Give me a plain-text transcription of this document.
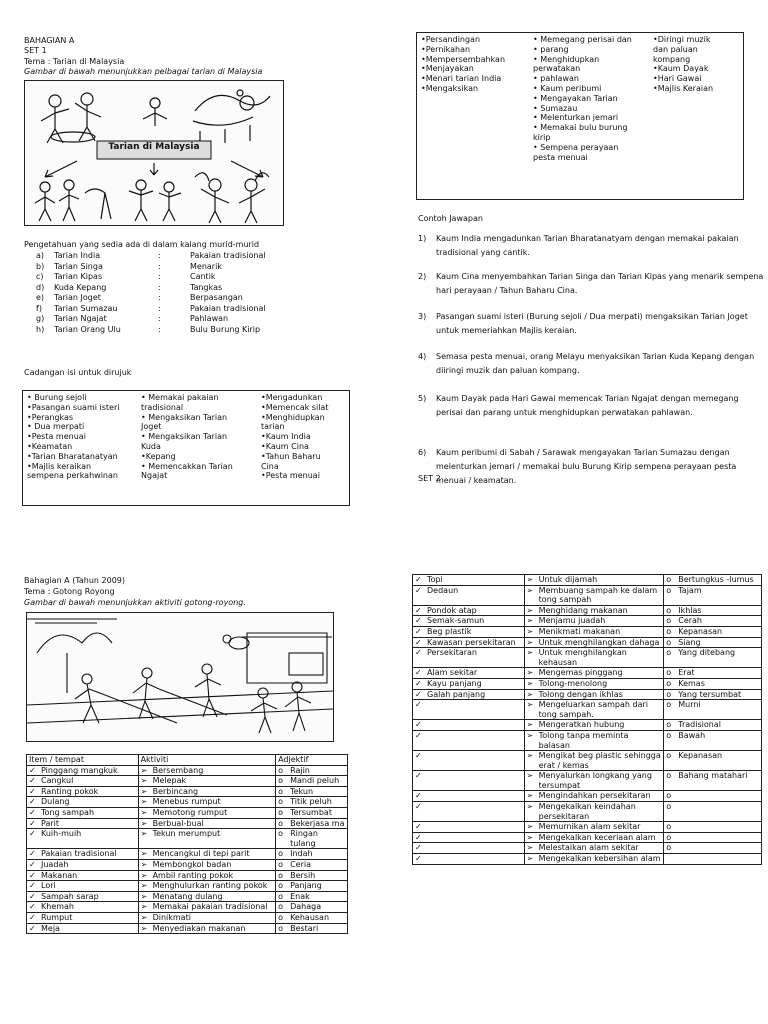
BAHAGIAN A
SET 1
Tema : Tarian di Malaysia
Gambar di bawah menunjukkan pelbagai tarian di Malaysia
Tarian di Malaysia
Pengetahuan yang sedia ada di dalam kalang murid-murid
a) Tarian India	:	Pakaian tradisional
b) Tarian Singa	:	Menarik
c) Tarian Kipas	:	Cantik
d) Kuda Kepang	:	Tangkas
e) Tarian Joget	:	Berpasangan
f) Tarian Sumazau	:	Pakaian tradisional
g) Tarian Ngajat	:	Pahlawan
h) Tarian Orang Ulu	:	Bulu Burung Kirip
Cadangan isi untuk dirujuk
• Burung sejoli
•Pasangan suami isteri
•Perangkas
• Dua merpati
•Pesta menuai
•Keamatan
•Tarian Bharatanatyan
•Majlis keraikan
sempena perkahwinan
• Memakai pakaian
tradisional
• Mengaksikan Tarian
Joget
• Mengaksikan Tarian
Kuda
•Kepang
• Memencakkan Tarian
Ngajat
•Mengadunkan
•Memencak silat
•Menghidupkan
tarian
•Kaum India
•Kaum Cina
•Tahun Baharu
Cina
•Pesta menuai
•Persandingan
•Pernikahan
•Mempersembahkan
•Menjayakan
•Menari tarian India
•Mengaksikan
• Memegang perisai dan
• parang
• Menghidupkan
perwatakan
• pahlawan
• Kaum peribumi
• Mengayakan Tarian
• Sumazau
• Melenturkan jemari
• Memakai bulu burung
kirip
• Sempena perayaan
pesta menuai
•Diringi muzik
dan paluan
kompang
•Kaum Dayak
•Hari Gawai
•Majlis Keraian
Contoh Jawapan
1) Kaum India mengadunkan Tarian Bharatanatyam dengan memakai pakaian tradisional yang cantik.
2) Kaum Cina menyembahkan Tarian Singa dan Tarian Kipas yang menarik sempena hari perayaan / Tahun Baharu Cina.
3) Pasangan suami isteri (Burung sejoli / Dua merpati) mengaksikan Tarian Joget untuk memeriahkan Majlis keraian.
4) Semasa pesta menuai, orang Melayu menyaksikan Tarian Kuda Kepang dengan diiringi muzik dan paluan kompang.
5) Kaum Dayak pada Hari Gawai memencak Tarian Ngajat dengan memegang perisai dan parang untuk menghidupkan perwatakan pahlawan.
6) Kaum peribumi di Sabah / Sarawak mengayakan Tarian Sumazau dengan melenturkan jemari / memakai bulu Burung Kirip sempena perayaan pesta menuai / keamatan.
SET 2
Bahagian A (Tahun 2009)
Tema : Gotong Royong
Gambar di bawah menunjukkan aktiviti gotong-royong.
Item / tempat	Aktiviti	Adjektif

✓ Pinggang mangkuk	➢ Bersembang	o Rajin

✓ Cangkul	➢ Melepak	o Mandi peluh

✓ Ranting pokok	➢ Berbincang	o Tekun

✓ Dulang	➢ Menebus rumput	o Titik peluh

✓ Tong sampah	➢ Memotong rumput	o Tersumbat

✓ Parit	➢ Berbual-bual	o Bekerjasa ma

✓ Kuih-muih	➢ Tekun merumput	o Ringan tulang

✓ Pakaian tradisional	➢ Mencangkul di tepi parit	o Indah

✓ Juadah	➢ Membongkol badan	o Ceria

✓ Makanan	➢ Ambil ranting pokok	o Bersih

✓ Lori	➢ Menghulurkan ranting pokok	o Panjang

✓ Sampah sarap	➢ Menatang dulang	o Enak

✓ Khemah	➢ Memakai pakaian tradisional	o Dahaga

✓ Rumput	➢ Dinikmati	o Kehausan

✓ Meja	➢ Menyediakan makanan	o Bestari
✓ Topi	➢ Untuk dijamah	o Bertungkus -lumus

✓ Dedaun	➢ Membuang sampah ke dalam tong sampah	o Tajam

✓ Pondok atap	➢ Menghidang makanan	o Ikhlas

✓ Semak-samun	➢ Menjamu juadah	o Cerah

✓ Beg plastik	➢ Menikmati makanan	o Kepanasan

✓ Kawasan persekitaran	➢ Untuk menghilangkan dahaga	o Siang

✓ Persekitaran	➢ Untuk menghilangkan kehausan	o Yang ditebang

✓ Alam sekitar	➢ Mengemas pinggang	o Erat

✓ Kayu panjang	➢ Tolong-menolong	o Kemas

✓ Galah panjang	➢ Tolong dengan ikhlas	o Yang tersumbat

✓	➢ Mengeluarkan sampah dari tong sampah.	o Murni

✓	➢ Mengeratkan hubung	o Tradisional

✓	➢ Tolong tanpa meminta balasan	o Bawah

✓	➢ Mengikat beg plastic sehingga erat / kemas	o Kepanasan

✓	➢ Menyalurkan longkang yang tersumpat	o Bahang matahari

✓	➢ Mengindahkan persekitaran	o

✓	➢ Mengekalkan keindahan persekitaran	o

✓	➢ Memurnikan alam sekitar	o

✓	➢ Mengekalkan keceriaan alam	o

✓	➢ Melestaikan alam sekitar	o

✓	➢ Mengekalkan kebersihan alam	
